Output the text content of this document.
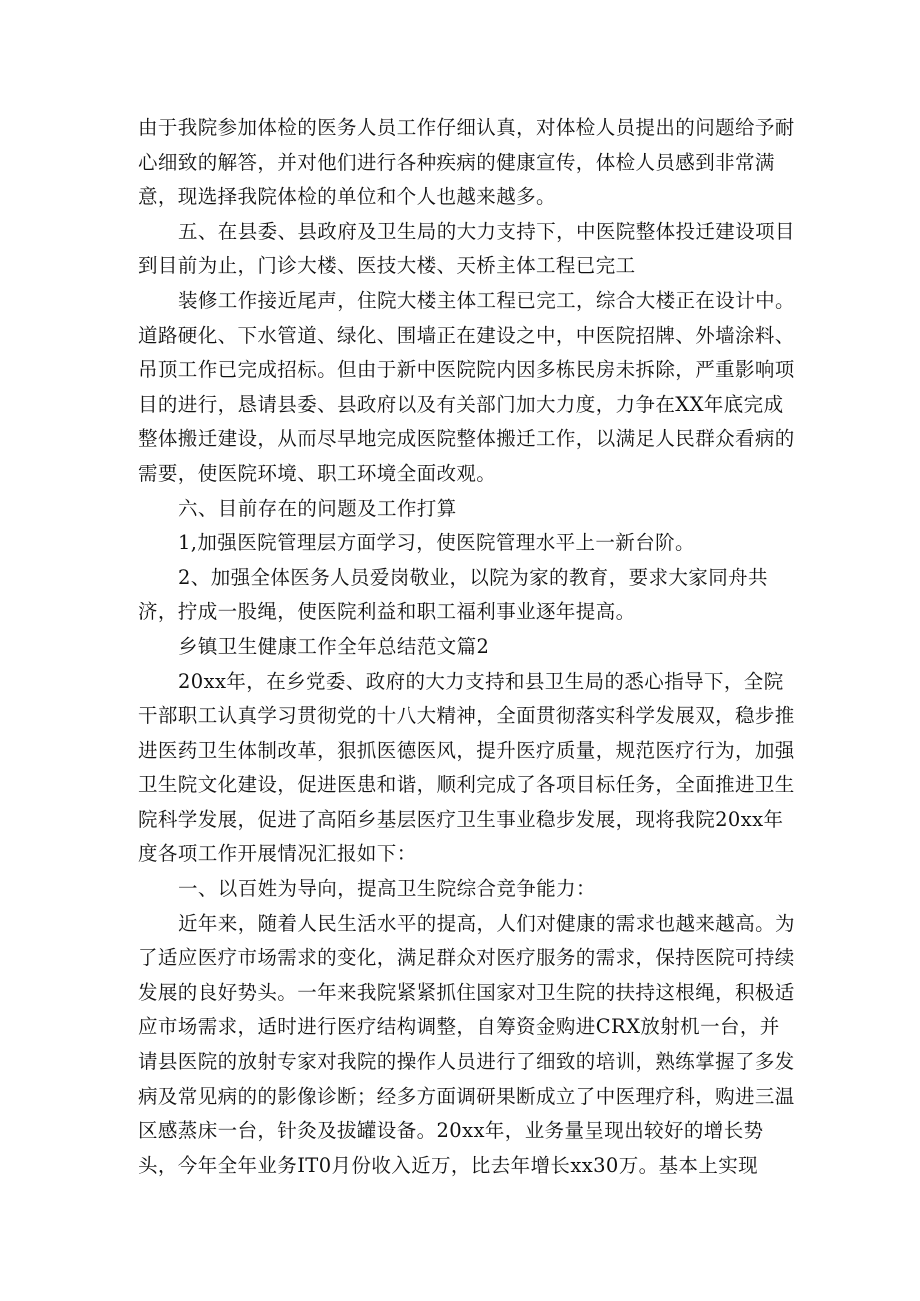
由于我院参加体检的医务人员工作仔细认真，对体检人员提出的问题给予耐心细致的解答，并对他们进行各种疾病的健康宣传，体检人员感到非常满意，现选择我院体检的单位和个人也越来越多。

五、在县委、县政府及卫生局的大力支持下，中医院整体投迁建设项目到目前为止，门诊大楼、医技大楼、天桥主体工程已完工

装修工作接近尾声，住院大楼主体工程已完工，综合大楼正在设计中。道路硬化、下水管道、绿化、围墙正在建设之中，中医院招牌、外墙涂料、吊顶工作已完成招标。但由于新中医院院内因多栋民房未拆除，严重影响项目的进行，恳请县委、县政府以及有关部门加大力度，力争在XX年底完成整体搬迁建设，从而尽早地完成医院整体搬迁工作，以满足人民群众看病的需要，使医院环境、职工环境全面改观。

六、目前存在的问题及工作打算

1,加强医院管理层方面学习，使医院管理水平上一新台阶。

2、加强全体医务人员爱岗敬业，以院为家的教育，要求大家同舟共济，拧成一股绳，使医院利益和职工福利事业逐年提高。

乡镇卫生健康工作全年总结范文篇2

20xx年，在乡党委、政府的大力支持和县卫生局的悉心指导下，全院干部职工认真学习贯彻党的十八大精神，全面贯彻落实科学发展双，稳步推进医药卫生体制改革，狠抓医德医风，提升医疗质量，规范医疗行为，加强卫生院文化建设，促进医患和谐，顺利完成了各项目标任务，全面推进卫生院科学发展，促进了高陌乡基层医疗卫生事业稳步发展，现将我院20xx年度各项工作开展情况汇报如下：

一、以百姓为导向，提高卫生院综合竞争能力：

近年来，随着人民生活水平的提高，人们对健康的需求也越来越高。为了适应医疗市场需求的变化，满足群众对医疗服务的需求，保持医院可持续发展的良好势头。一年来我院紧紧抓住国家对卫生院的扶持这根绳，积极适应市场需求，适时进行医疗结构调整，自筹资金购进CRX放射机一台，并请县医院的放射专家对我院的操作人员进行了细致的培训，熟练掌握了多发病及常见病的的影像诊断；经多方面调研果断成立了中医理疗科，购进三温区感蒸床一台，针灸及拔罐设备。20xx年，业务量呈现出较好的增长势头，今年全年业务IT0月份收入近万，比去年增长xx30万。基本上实现
